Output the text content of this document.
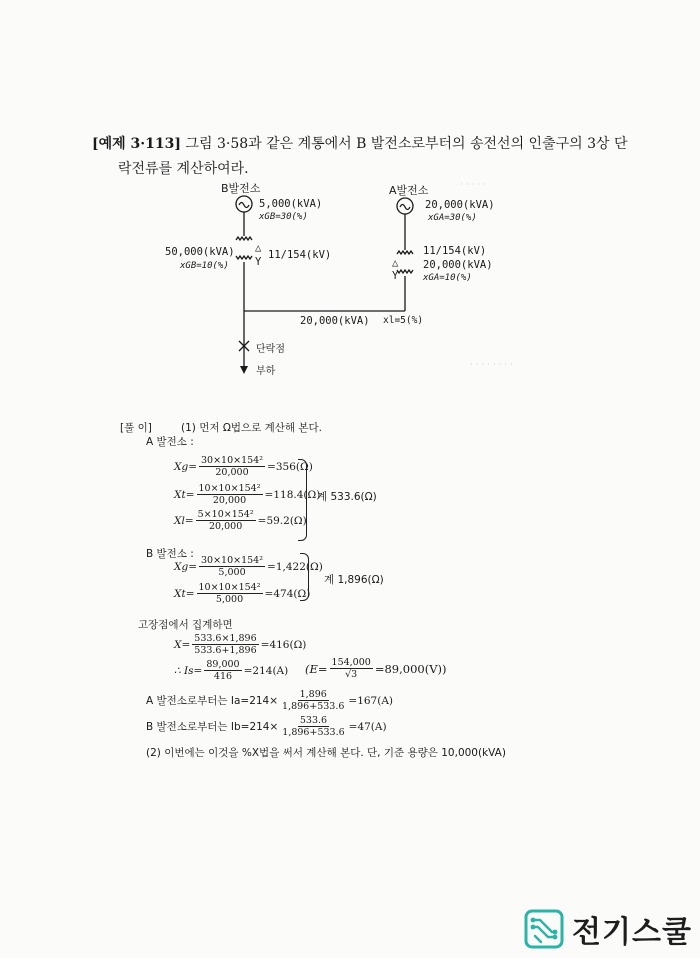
[예제 3·113] 그림 3·58과 같은 계통에서 B 발전소로부터의 송전선의 인출구의 3상 단
락전류를 계산하여라.
· · · · ·
· · · · · · · ·
B발전소
5,000(kVA)
xGB=30(%)
50,000(kVA)
xGB=10(%)
△
Y
11/154(kV)
A발전소
20,000(kVA)
xGA=30(%)
11/154(kV)
△
Y
20,000(kVA)
xGA=10(%)
20,000(kVA) xl=5(%)
단락점
부하
[풀 이]	(1) 먼저 Ω법으로 계산해 본다.
A 발전소 :
$Xg= \frac{\text{30×10×154²}}{20,000} =356(\Omega)$
$Xt= \frac{\text{10×10×154²}}{20,000} =118.4(\Omega)$
$Xl= \frac{\text{5×10×154²}}{20,000} =59.2(\Omega)$
계 533.6(Ω)
B 발전소 :
$Xg= \frac{\text{30×10×154²}}{5,000} =1,422(\Omega)$
$Xt= \frac{\text{10×10×154²}}{5,000} =474(\Omega)$
계 1,896(Ω)
고장점에서 집계하면
$X= \frac{533.6\times 1,896}{533.6+1,896} =416(\Omega)$
∴ $Is= \frac{89,000}{416} =214(A)$ $(E= \frac{154,000}{√3} =89,000(V))$
A 발전소로부터는 $Ia=214\times \frac{1,896}{1,896+533.6} =167(A)$
B 발전소로부터는 $Ib=214\times \frac{533.6}{1,896+533.6} =47(A)$
(2) 이번에는 이것을 %X법을 써서 계산해 본다. 단, 기준 용량은 10,000(kVA)
전기스쿨
